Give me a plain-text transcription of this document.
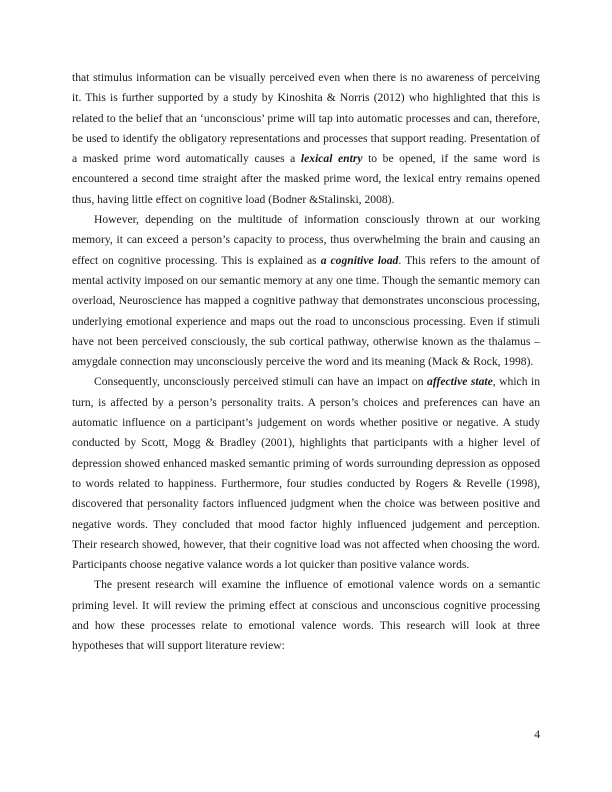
that stimulus information can be visually perceived even when there is no awareness of perceiving it. This is further supported by a study by Kinoshita & Norris (2012) who highlighted that this is related to the belief that an ‘unconscious’ prime will tap into automatic processes and can, therefore, be used to identify the obligatory representations and processes that support reading. Presentation of a masked prime word automatically causes a lexical entry to be opened, if the same word is encountered a second time straight after the masked prime word, the lexical entry remains opened thus, having little effect on cognitive load (Bodner &Stalinski, 2008).

However, depending on the multitude of information consciously thrown at our working memory, it can exceed a person’s capacity to process, thus overwhelming the brain and causing an effect on cognitive processing. This is explained as a cognitive load. This refers to the amount of mental activity imposed on our semantic memory at any one time. Though the semantic memory can overload, Neuroscience has mapped a cognitive pathway that demonstrates unconscious processing, underlying emotional experience and maps out the road to unconscious processing. Even if stimuli have not been perceived consciously, the sub cortical pathway, otherwise known as the thalamus – amygdale connection may unconsciously perceive the word and its meaning (Mack & Rock, 1998).

Consequently, unconsciously perceived stimuli can have an impact on affective state, which in turn, is affected by a person’s personality traits. A person’s choices and preferences can have an automatic influence on a participant’s judgement on words whether positive or negative. A study conducted by Scott, Mogg & Bradley (2001), highlights that participants with a higher level of depression showed enhanced masked semantic priming of words surrounding depression as opposed to words related to happiness. Furthermore, four studies conducted by Rogers & Revelle (1998), discovered that personality factors influenced judgment when the choice was between positive and negative words. They concluded that mood factor highly influenced judgement and perception. Their research showed, however, that their cognitive load was not affected when choosing the word. Participants choose negative valance words a lot quicker than positive valance words.

The present research will examine the influence of emotional valence words on a semantic priming level. It will review the priming effect at conscious and unconscious cognitive processing and how these processes relate to emotional valence words. This research will look at three hypotheses that will support literature review:

4
